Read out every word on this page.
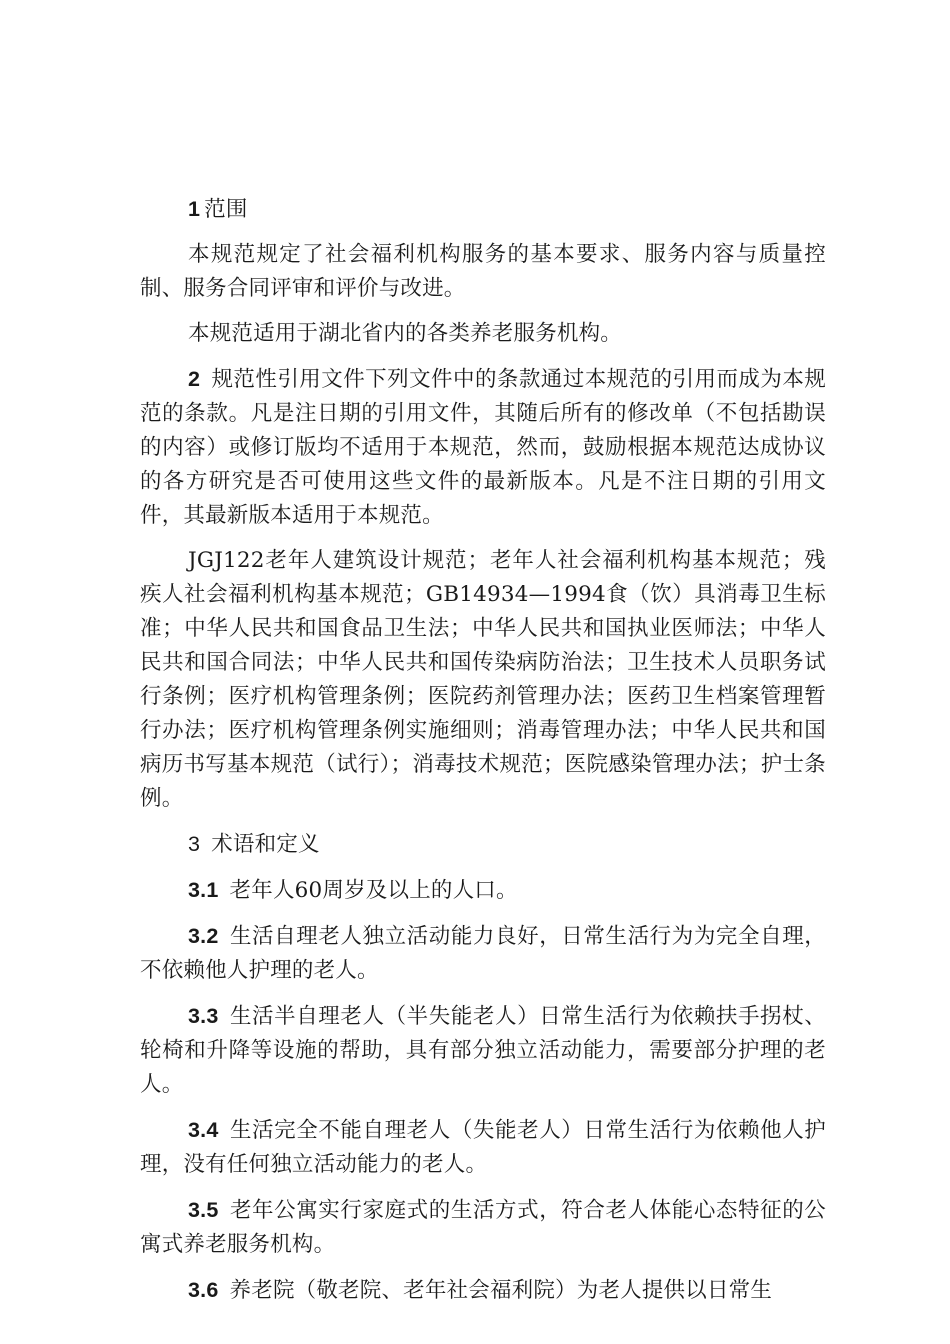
1 范围

本规范规定了社会福利机构服务的基本要求、服务内容与质量控制、服务合同评审和评价与改进。

本规范适用于湖北省内的各类养老服务机构。

2 规范性引用文件下列文件中的条款通过本规范的引用而成为本规范的条款。凡是注日期的引用文件，其随后所有的修改单（不包括勘误的内容）或修订版均不适用于本规范，然而，鼓励根据本规范达成协议的各方研究是否可使用这些文件的最新版本。凡是不注日期的引用文件，其最新版本适用于本规范。

JGJ122老年人建筑设计规范；老年人社会福利机构基本规范；残疾人社会福利机构基本规范；GB14934—1994食（饮）具消毒卫生标准；中华人民共和国食品卫生法；中华人民共和国执业医师法；中华人民共和国合同法；中华人民共和国传染病防治法；卫生技术人员职务试行条例；医疗机构管理条例；医院药剂管理办法；医药卫生档案管理暂行办法；医疗机构管理条例实施细则；消毒管理办法；中华人民共和国病历书写基本规范（试行）；消毒技术规范；医院感染管理办法；护士条例。

3 术语和定义

3.1 老年人60周岁及以上的人口。

3.2 生活自理老人独立活动能力良好，日常生活行为为完全自理，不依赖他人护理的老人。

3.3 生活半自理老人（半失能老人）日常生活行为依赖扶手拐杖、轮椅和升降等设施的帮助，具有部分独立活动能力，需要部分护理的老人。

3.4 生活完全不能自理老人（失能老人）日常生活行为依赖他人护理，没有任何独立活动能力的老人。

3.5 老年公寓实行家庭式的生活方式，符合老人体能心态特征的公寓式养老服务机构。

3.6 养老院（敬老院、老年社会福利院）为老人提供以日常生
